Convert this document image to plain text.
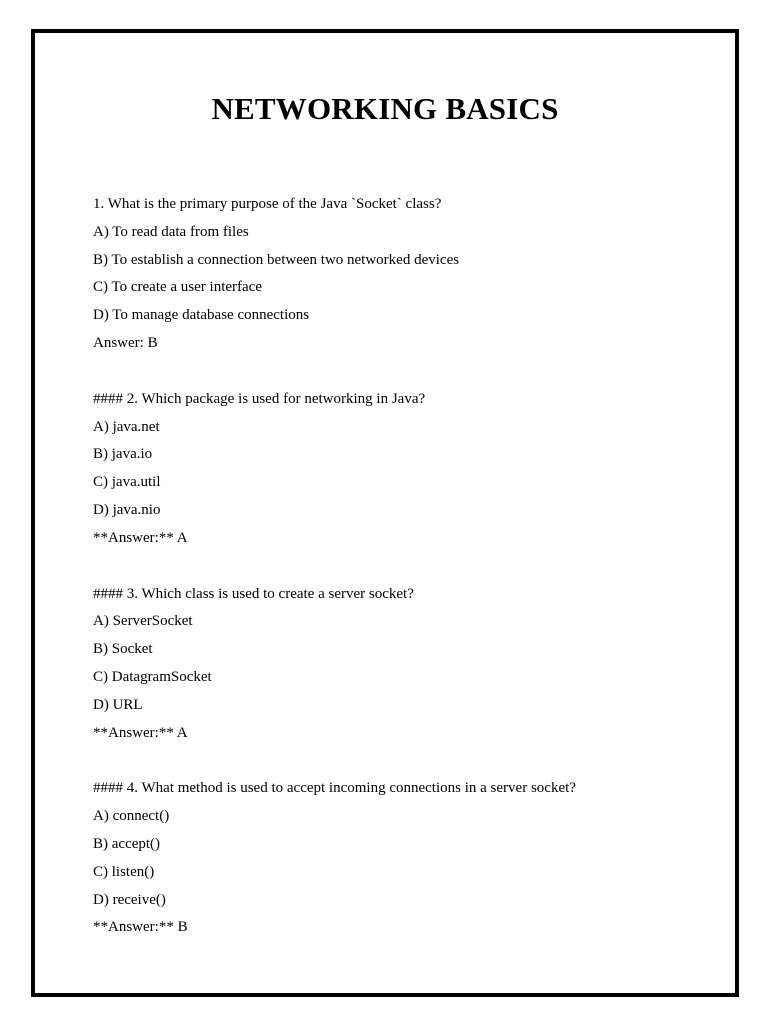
NETWORKING BASICS
1. What is the primary purpose of the Java `Socket` class?
A) To read data from files
B) To establish a connection between two networked devices
C) To create a user interface
D) To manage database connections
Answer: B
#### 2. Which package is used for networking in Java?
A) java.net
B) java.io
C) java.util
D) java.nio
**Answer:** A
#### 3. Which class is used to create a server socket?
A) ServerSocket
B) Socket
C) DatagramSocket
D) URL
**Answer:** A
#### 4. What method is used to accept incoming connections in a server socket?
A) connect()
B) accept()
C) listen()
D) receive()
**Answer:** B
